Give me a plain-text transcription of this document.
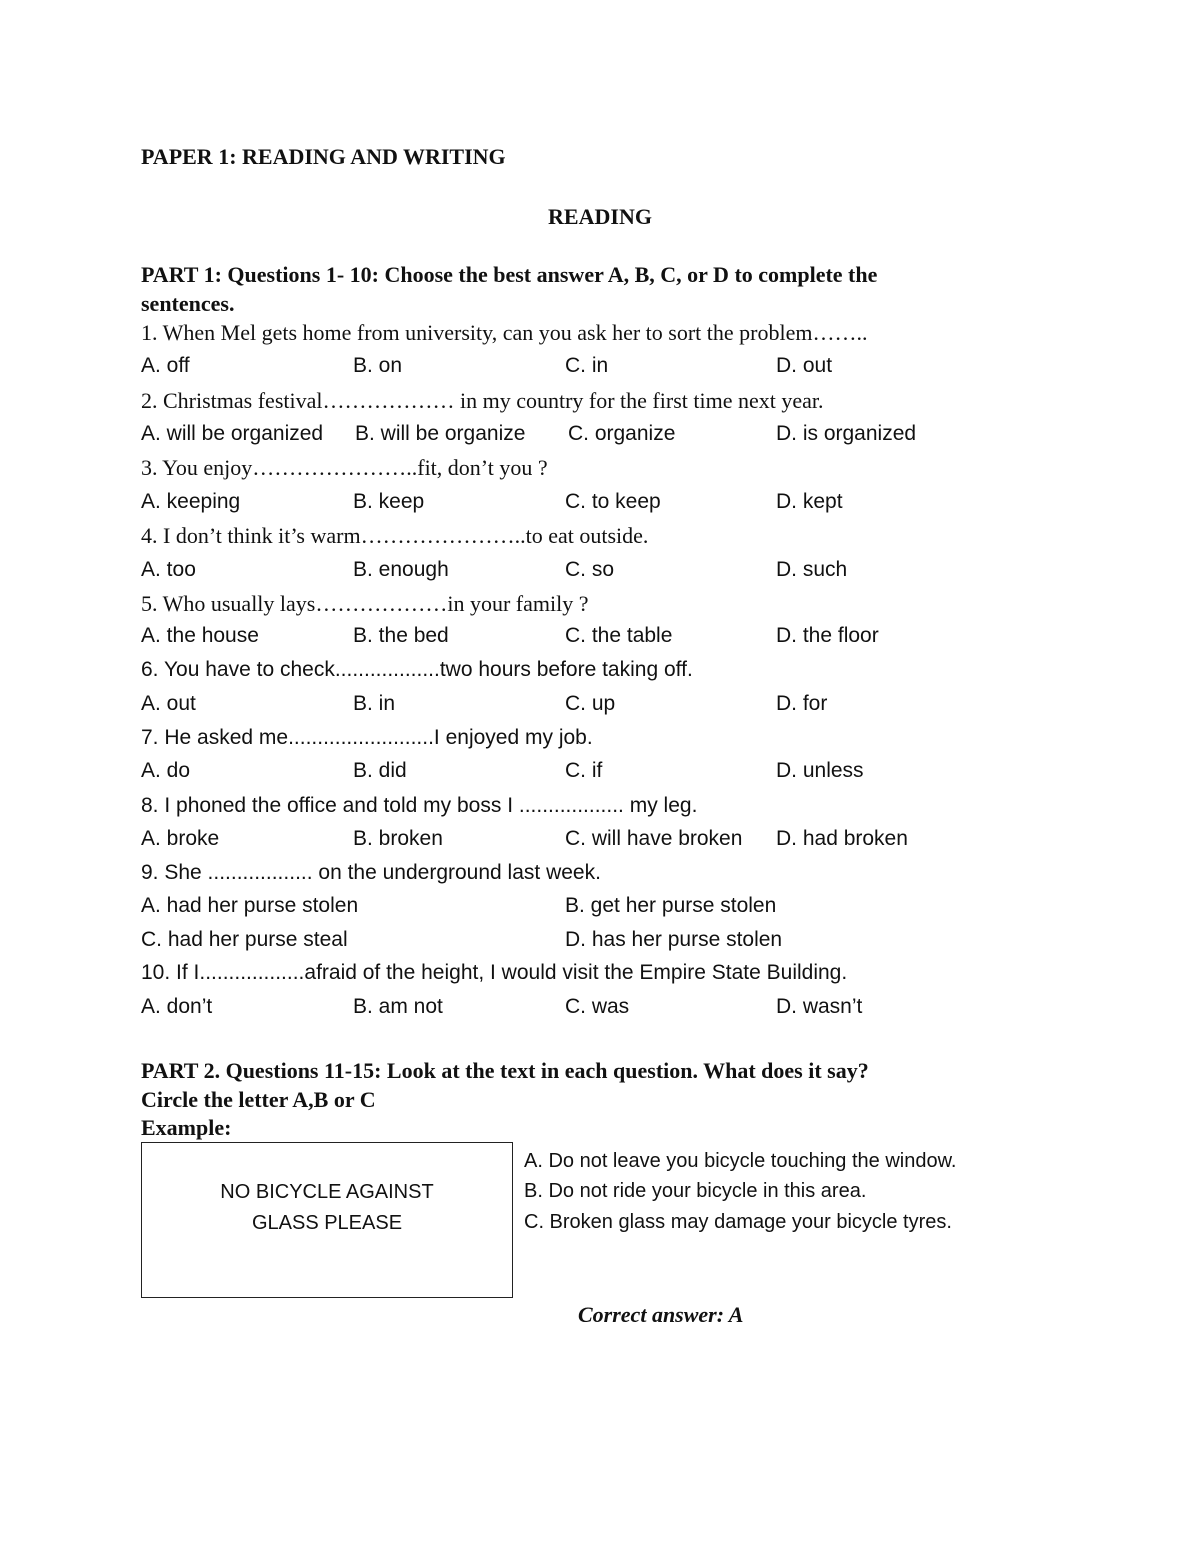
PAPER 1: READING AND WRITING
READING
PART 1: Questions 1- 10: Choose the best answer A, B, C, or D to complete the
sentences.
1. When Mel gets home from university, can you ask her to sort the problem……..
A. off	B. on	C. in	D. out
2. Christmas festival……………… in my country for the first time next year.
A. will be organized B. will be organize C. organize	D. is organized
3. You enjoy…………………..fit, don’t you ?
A. keeping	B. keep	C. to keep	D. kept
4. I don’t think it’s warm…………………..to eat outside.
A. too	B. enough	C. so	D. such
5. Who usually lays………………in your family ?
A. the house	B. the bed	C. the table	D. the floor
6. You have to check..................two hours before taking off.
A. out	B. in	C. up	D. for
7. He asked me.........................I enjoyed my job.
A. do	B. did	C. if	D. unless
8. I phoned the office and told my boss I .................. my leg.
A. broke	B. broken	C. will have broken D. had broken
9. She .................. on the underground last week.
A. had her purse stolen	B. get her purse stolen
C. had her purse steal	D. has her purse stolen
10. If I..................afraid of the height, I would visit the Empire State Building.
A. don’t	B. am not	C. was	D. wasn’t
PART 2. Questions 11-15: Look at the text in each question. What does it say?
Circle the letter A,B or C
Example:
NO BICYCLE AGAINST
GLASS PLEASE
A. Do not leave you bicycle touching the window.
B. Do not ride your bicycle in this area.
C. Broken glass may damage your bicycle tyres.
Correct answer: A
